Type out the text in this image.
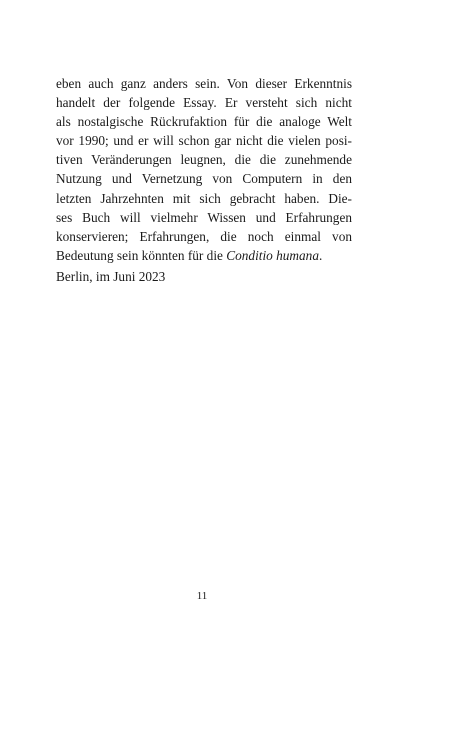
eben auch ganz anders sein. Von dieser Erkenntnis
handelt der folgende Essay. Er versteht sich nicht
als nostalgische Rückrufaktion für die analoge Welt
vor 1990; und er will schon gar nicht die vielen posi-
tiven Veränderungen leugnen, die die zunehmende
Nutzung und Vernetzung von Computern in den
letzten Jahrzehnten mit sich gebracht haben. Die-
ses Buch will vielmehr Wissen und Erfahrungen
konservieren; Erfahrungen, die noch einmal von
Bedeutung sein könnten für die Conditio humana.
Berlin, im Juni 2023
11
